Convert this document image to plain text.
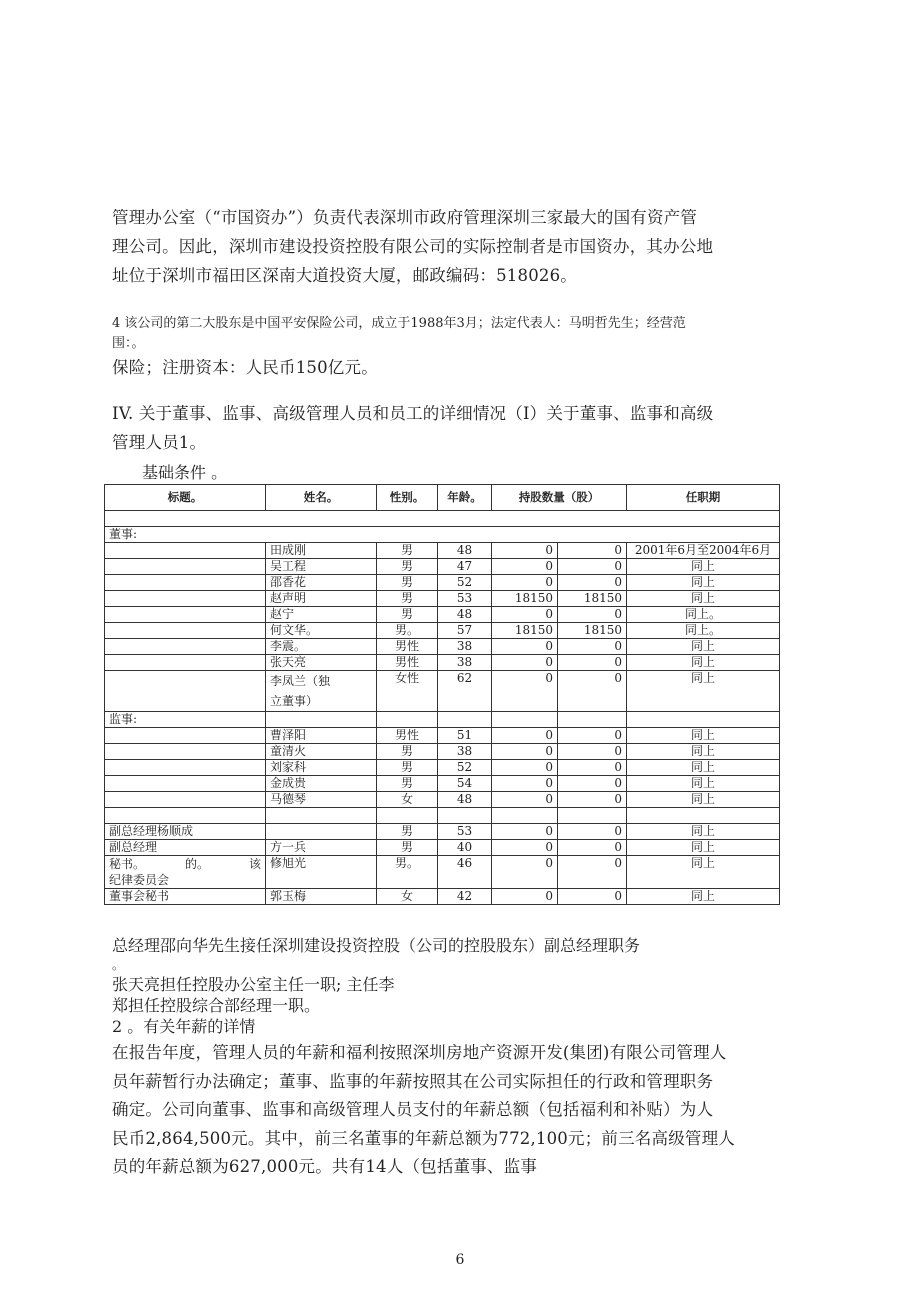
管理办公室（“市国资办”）负责代表深圳市政府管理深圳三家最大的国有资产管
理公司。因此，深圳市建设投资控股有限公司的实际控制者是市国资办，其办公地
址位于深圳市福田区深南大道投资大厦，邮政编码：518026。
4 该公司的第二大股东是中国平安保险公司，成立于1988年3月；法定代表人：马明哲先生；经营范
围：。
保险；注册资本：人民币150亿元。
IV. 关于董事、监事、高级管理人员和员工的详细情况（I）关于董事、监事和高级
管理人员1。
基础条件 。
标题。	姓名。	性别。	年龄。	持股数量（股）		任职期

董事:						
	田成刚	男	48	0	0	2001年6月至2004年6月
	吴工程	男	47	0	0	同上
	邵香花	男	52	0	0	同上
	赵声明	男	53	18150	18150	同上
	赵宁	男	48	0	0	同上。
	何文华。	男。	57	18150	18150	同上。
	李震。	男性	38	0	0	同上
	张天亮	男性	38	0	0	同上

	李凤兰（独
立董事）	女性	62	0	0	同上
监事:						
	曹泽阳	男性	51	0	0	同上
	童清火	男	38	0	0	同上
	刘家科	男	52	0	0	同上
	金成贵	男	54	0	0	同上
	马德琴	女	48	0	0	同上

副总经理杨顺成		男	53	0	0	同上
副总经理	方一兵	男	40	0	0	同上

秘书。 的。 该
纪律委员会	修旭光	男。	46	0	0	同上
董事会秘书	郭玉梅	女	42	0	0	同上
总经理邵向华先生接任深圳建设投资控股（公司的控股股东）副总经理职务
。
张天亮担任控股办公室主任一职; 主任李
郑担任控股综合部经理一职。
2 。有关年薪的详情
在报告年度，管理人员的年薪和福利按照深圳房地产资源开发(集团)有限公司管理人
员年薪暂行办法确定；董事、监事的年薪按照其在公司实际担任的行政和管理职务
确定。公司向董事、监事和高级管理人员支付的年薪总额（包括福利和补贴）为人
民币2,864,500元。其中，前三名董事的年薪总额为772,100元；前三名高级管理人
员的年薪总额为627,000元。共有14人（包括董事、监事
6
